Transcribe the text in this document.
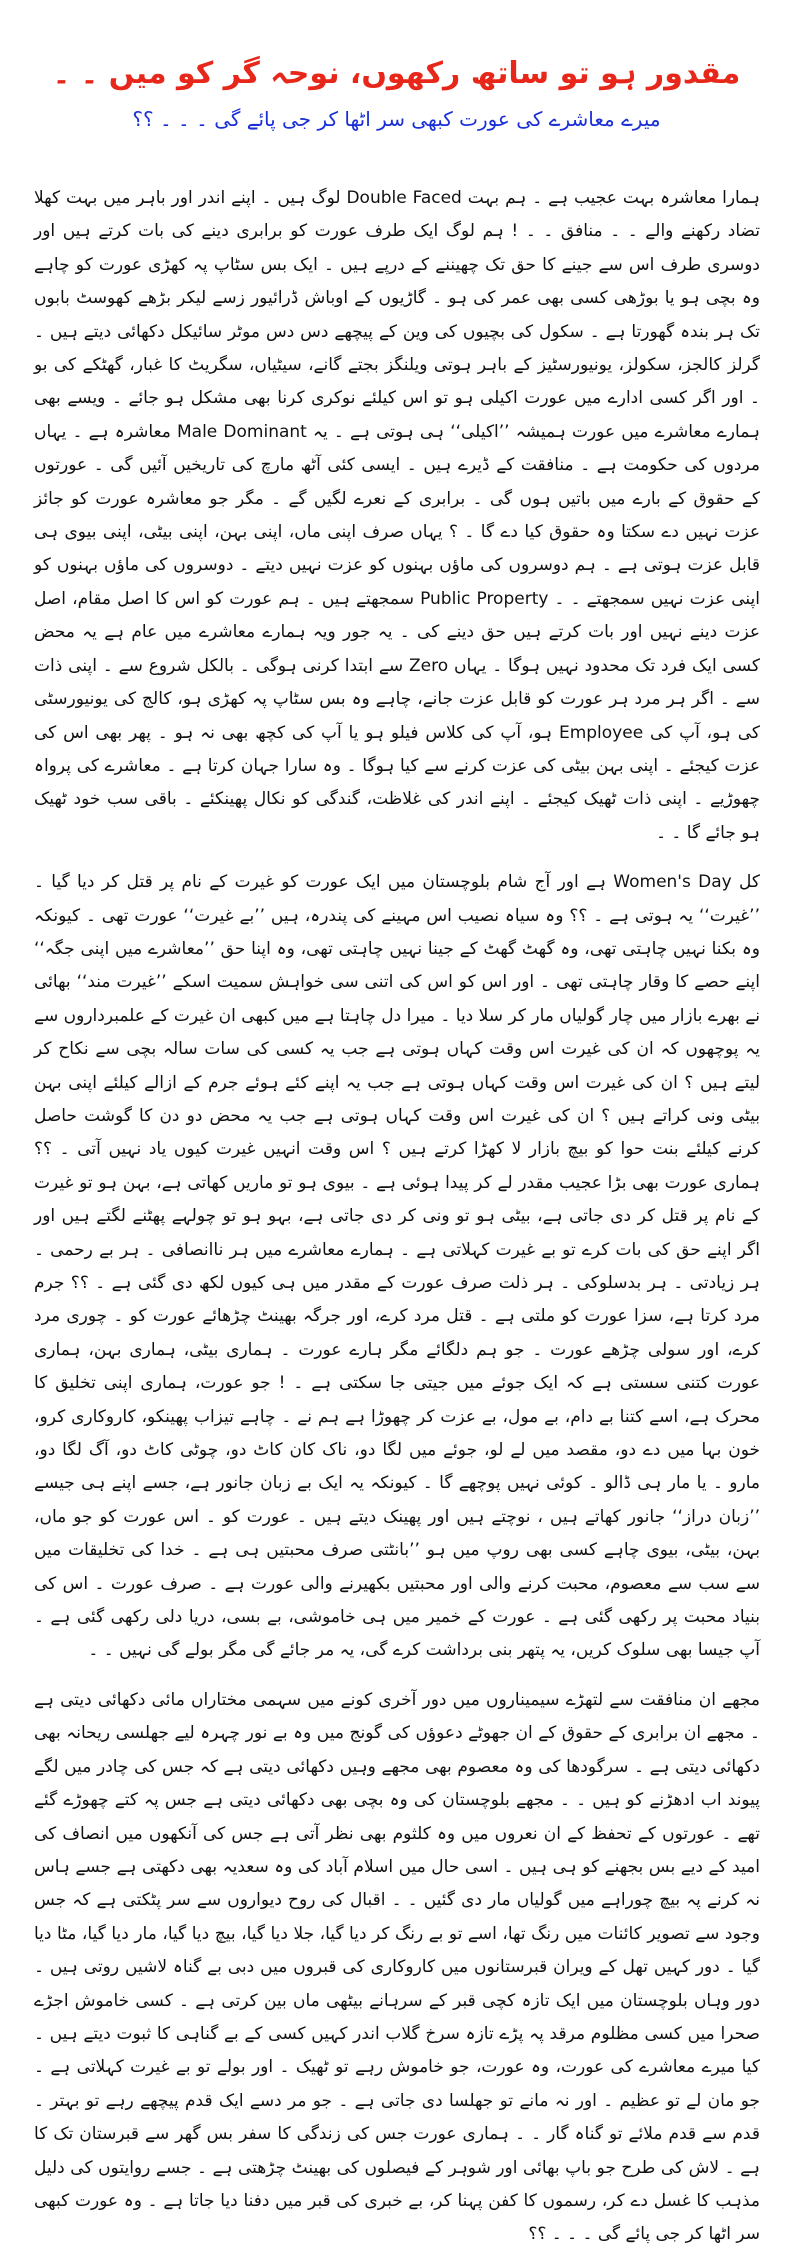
مقدور ہو تو ساتھ رکھوں، نوحہ گر کو میں ۔ ۔
میرے معاشرے کی عورت کبھی سر اٹھا کر جی پائے گی ۔ ۔ ۔ ؟؟

ہمارا معاشرہ بہت عجیب ہے ۔ ہم بہت Double Faced لوگ ہیں ۔ اپنے اندر اور باہر میں بہت کھلا تضاد رکھنے والے ۔ ۔ منافق ۔ ۔ ! ہم لوگ ایک طرف عورت کو برابری دینے کی بات کرتے ہیں اور دوسری طرف اس سے جینے کا حق تک چھیننے کے درپے ہیں ۔ ایک بس سٹاپ پہ کھڑی عورت کو چاہے وہ بچی ہو یا بوڑھی کسی بھی عمر کی ہو ۔ گاڑیوں کے اوباش ڈرائیور زسے لیکر بڑھے کھوسٹ بابوں تک ہر بندہ گھورتا ہے ۔ سکول کی بچیوں کی وین کے پیچھے دس دس موٹر سائیکل دکھائی دیتے ہیں ۔ گرلز کالجز، سکولز، یونیورسٹیز کے باہر ہوتی ویلنگز بجتے گانے، سیٹیاں، سگریٹ کا غبار، گھٹکے کی بو ۔ اور اگر کسی ادارے میں عورت اکیلی ہو تو اس کیلئے نوکری کرنا بھی مشکل ہو جائے ۔ ویسے بھی ہمارے معاشرے میں عورت ہمیشہ ’’اکیلی‘‘ ہی ہوتی ہے ۔ یہ Male Dominant معاشرہ ہے ۔ یہاں مردوں کی حکومت ہے ۔ منافقت کے ڈیرے ہیں ۔ ایسی کئی آٹھ مارچ کی تاریخیں آئیں گی ۔ عورتوں کے حقوق کے بارے میں باتیں ہوں گی ۔ برابری کے نعرے لگیں گے ۔ مگر جو معاشرہ عورت کو جائز عزت نہیں دے سکتا وہ حقوق کیا دے گا ۔ ؟ یہاں صرف اپنی ماں، اپنی بہن، اپنی بیٹی، اپنی بیوی ہی قابل عزت ہوتی ہے ۔ ہم دوسروں کی ماؤں بہنوں کو عزت نہیں دیتے ۔ دوسروں کی ماؤں بہنوں کو اپنی عزت نہیں سمجھتے ۔ ۔ Public Property سمجھتے ہیں ۔ ہم عورت کو اس کا اصل مقام، اصل عزت دینے نہیں اور بات کرتے ہیں حق دینے کی ۔ یہ جور ویہ ہمارے معاشرے میں عام ہے یہ محض کسی ایک فرد تک محدود نہیں ہوگا ۔ یہاں Zero سے ابتدا کرنی ہوگی ۔ بالکل شروع سے ۔ اپنی ذات سے ۔ اگر ہر مرد ہر عورت کو قابل عزت جانے، چاہے وہ بس سٹاپ پہ کھڑی ہو، کالج کی یونیورسٹی کی ہو، آپ کی Employee ہو، آپ کی کلاس فیلو ہو یا آپ کی کچھ بھی نہ ہو ۔ پھر بھی اس کی عزت کیجئے ۔ اپنی بہن بیٹی کی عزت کرنے سے کیا ہوگا ۔ وہ سارا جہان کرتا ہے ۔ معاشرے کی پرواہ چھوڑیے ۔ اپنی ذات ٹھیک کیجئے ۔ اپنے اندر کی غلاظت، گندگی کو نکال پھینکئے ۔ باقی سب خود ٹھیک ہو جائے گا ۔ ۔

کل Women's Day ہے اور آج شام بلوچستان میں ایک عورت کو غیرت کے نام پر قتل کر دیا گیا ۔ ’’غیرت‘‘ یہ ہوتی ہے ۔ ؟؟ وہ سیاہ نصیب اس مہینے کی پندرہ، ہیں ’’بے غیرت‘‘ عورت تھی ۔ کیونکہ وہ بکنا نہیں چاہتی تھی، وہ گھٹ گھٹ کے جینا نہیں چاہتی تھی، وہ اپنا حق ’’معاشرے میں اپنی جگہ‘‘ اپنے حصے کا وقار چاہتی تھی ۔ اور اس کو اس کی اتنی سی خواہش سمیت اسکے ’’غیرت مند‘‘ بھائی نے بھرے بازار میں چار گولیاں مار کر سلا دیا ۔ میرا دل چاہتا ہے میں کبھی ان غیرت کے علمبرداروں سے یہ پوچھوں کہ ان کی غیرت اس وقت کہاں ہوتی ہے جب یہ کسی کی سات سالہ بچی سے نکاح کر لیتے ہیں ؟ ان کی غیرت اس وقت کہاں ہوتی ہے جب یہ اپنے کئے ہوئے جرم کے ازالے کیلئے اپنی بہن بیٹی ونی کراتے ہیں ؟ ان کی غیرت اس وقت کہاں ہوتی ہے جب یہ محض دو دن کا گوشت حاصل کرنے کیلئے بنت حوا کو بیچ بازار لا کھڑا کرتے ہیں ؟ اس وقت انہیں غیرت کیوں یاد نہیں آتی ۔ ؟؟ ہماری عورت بھی بڑا عجیب مقدر لے کر پیدا ہوئی ہے ۔ بیوی ہو تو ماریں کھاتی ہے، بہن ہو تو غیرت کے نام پر قتل کر دی جاتی ہے، بیٹی ہو تو ونی کر دی جاتی ہے، بہو ہو تو چولہے پھٹنے لگتے ہیں اور اگر اپنے حق کی بات کرے تو بے غیرت کہلاتی ہے ۔ ہمارے معاشرے میں ہر ناانصافی ۔ ہر بے رحمی ۔ ہر زیادتی ۔ ہر بدسلوکی ۔ ہر ذلت صرف عورت کے مقدر میں ہی کیوں لکھ دی گئی ہے ۔ ؟؟ جرم مرد کرتا ہے، سزا عورت کو ملتی ہے ۔ قتل مرد کرے، اور جرگہ بھینٹ چڑھائے عورت کو ۔ چوری مرد کرے، اور سولی چڑھے عورت ۔ جو ہم دلگائے مگر ہارے عورت ۔ ہماری بیٹی، ہماری بہن، ہماری عورت کتنی سستی ہے کہ ایک جوئے میں جیتی جا سکتی ہے ۔ ! جو عورت، ہماری اپنی تخلیق کا محرک ہے، اسے کتنا بے دام، بے مول، بے عزت کر چھوڑا ہے ہم نے ۔ چاہے تیزاب پھینکو، کاروکاری کرو، خون بہا میں دے دو، مقصد میں لے لو، جوئے میں لگا دو، ناک کان کاٹ دو، چوٹی کاٹ دو، آگ لگا دو، مارو ۔ یا مار ہی ڈالو ۔ کوئی نہیں پوچھے گا ۔ کیونکہ یہ ایک بے زبان جانور ہے، جسے اپنے ہی جیسے ’’زبان دراز‘‘ جانور کھاتے ہیں ، نوچتے ہیں اور پھینک دیتے ہیں ۔ عورت کو ۔ اس عورت کو جو ماں، بہن، بیٹی، بیوی چاہے کسی بھی روپ میں ہو ’’بانٹتی صرف محبتیں ہی ہے ۔ خدا کی تخلیقات میں سے سب سے معصوم، محبت کرنے والی اور محبتیں بکھیرنے والی عورت ہے ۔ صرف عورت ۔ اس کی بنیاد محبت پر رکھی گئی ہے ۔ عورت کے خمیر میں ہی خاموشی، بے بسی، دریا دلی رکھی گئی ہے ۔ آپ جیسا بھی سلوک کریں، یہ پتھر بنی برداشت کرے گی، یہ مر جائے گی مگر بولے گی نہیں ۔ ۔

مجھے ان منافقت سے لتھڑے سیمیناروں میں دور آخری کونے میں سہمی مختاراں مائی دکھائی دیتی ہے ۔ مجھے ان برابری کے حقوق کے ان جھوٹے دعوؤں کی گونج میں وہ بے نور چہرہ لیے جھلسی ریحانہ بھی دکھائی دیتی ہے ۔ سرگودھا کی وہ معصوم بھی مجھے وہیں دکھائی دیتی ہے کہ جس کی چادر میں لگے پیوند اب ادھڑنے کو ہیں ۔ ۔ مجھے بلوچستان کی وہ بچی بھی دکھائی دیتی ہے جس پہ کتے چھوڑے گئے تھے ۔ عورتوں کے تحفظ کے ان نعروں میں وہ کلثوم بھی نظر آتی ہے جس کی آنکھوں میں انصاف کی امید کے دیے بس بجھنے کو ہی ہیں ۔ اسی حال میں اسلام آباد کی وہ سعدیہ بھی دکھتی ہے جسے ہاس نہ کرنے پہ بیچ چوراہے میں گولیاں مار دی گئیں ۔ ۔ اقبال کی روح دیواروں سے سر پٹکتی ہے کہ جس وجود سے تصویر کائنات میں رنگ تھا، اسے تو بے رنگ کر دیا گیا، جلا دیا گیا، بیچ دیا گیا، مار دیا گیا، مٹا دیا گیا ۔ دور کہیں تھل کے ویران قبرستانوں میں کاروکاری کی قبروں میں دبی بے گناہ لاشیں روتی ہیں ۔ دور وہاں بلوچستان میں ایک تازہ کچی قبر کے سرہانے بیٹھی ماں بین کرتی ہے ۔ کسی خاموش اجڑے صحرا میں کسی مظلوم مرقد پہ پڑے تازہ سرخ گلاب اندر کہیں کسی کے بے گناہی کا ثبوت دیتے ہیں ۔ کیا میرے معاشرے کی عورت، وہ عورت، جو خاموش رہے تو ٹھیک ۔ اور بولے تو بے غیرت کہلاتی ہے ۔ جو مان لے تو عظیم ۔ اور نہ مانے تو جھلسا دی جاتی ہے ۔ جو مر دسے ایک قدم پیچھے رہے تو بہتر ۔ قدم سے قدم ملائے تو گناہ گار ۔ ۔ ہماری عورت جس کی زندگی کا سفر بس گھر سے قبرستان تک کا ہے ۔ لاش کی طرح جو باپ بھائی اور شوہر کے فیصلوں کی بھینٹ چڑھتی ہے ۔ جسے روایتوں کی دلیل مذہب کا غسل دے کر، رسموں کا کفن پہنا کر، بے خبری کی قبر میں دفنا دیا جاتا ہے ۔ وہ عورت کبھی سر اٹھا کر جی پائے گی ۔ ۔ ۔ ؟؟
